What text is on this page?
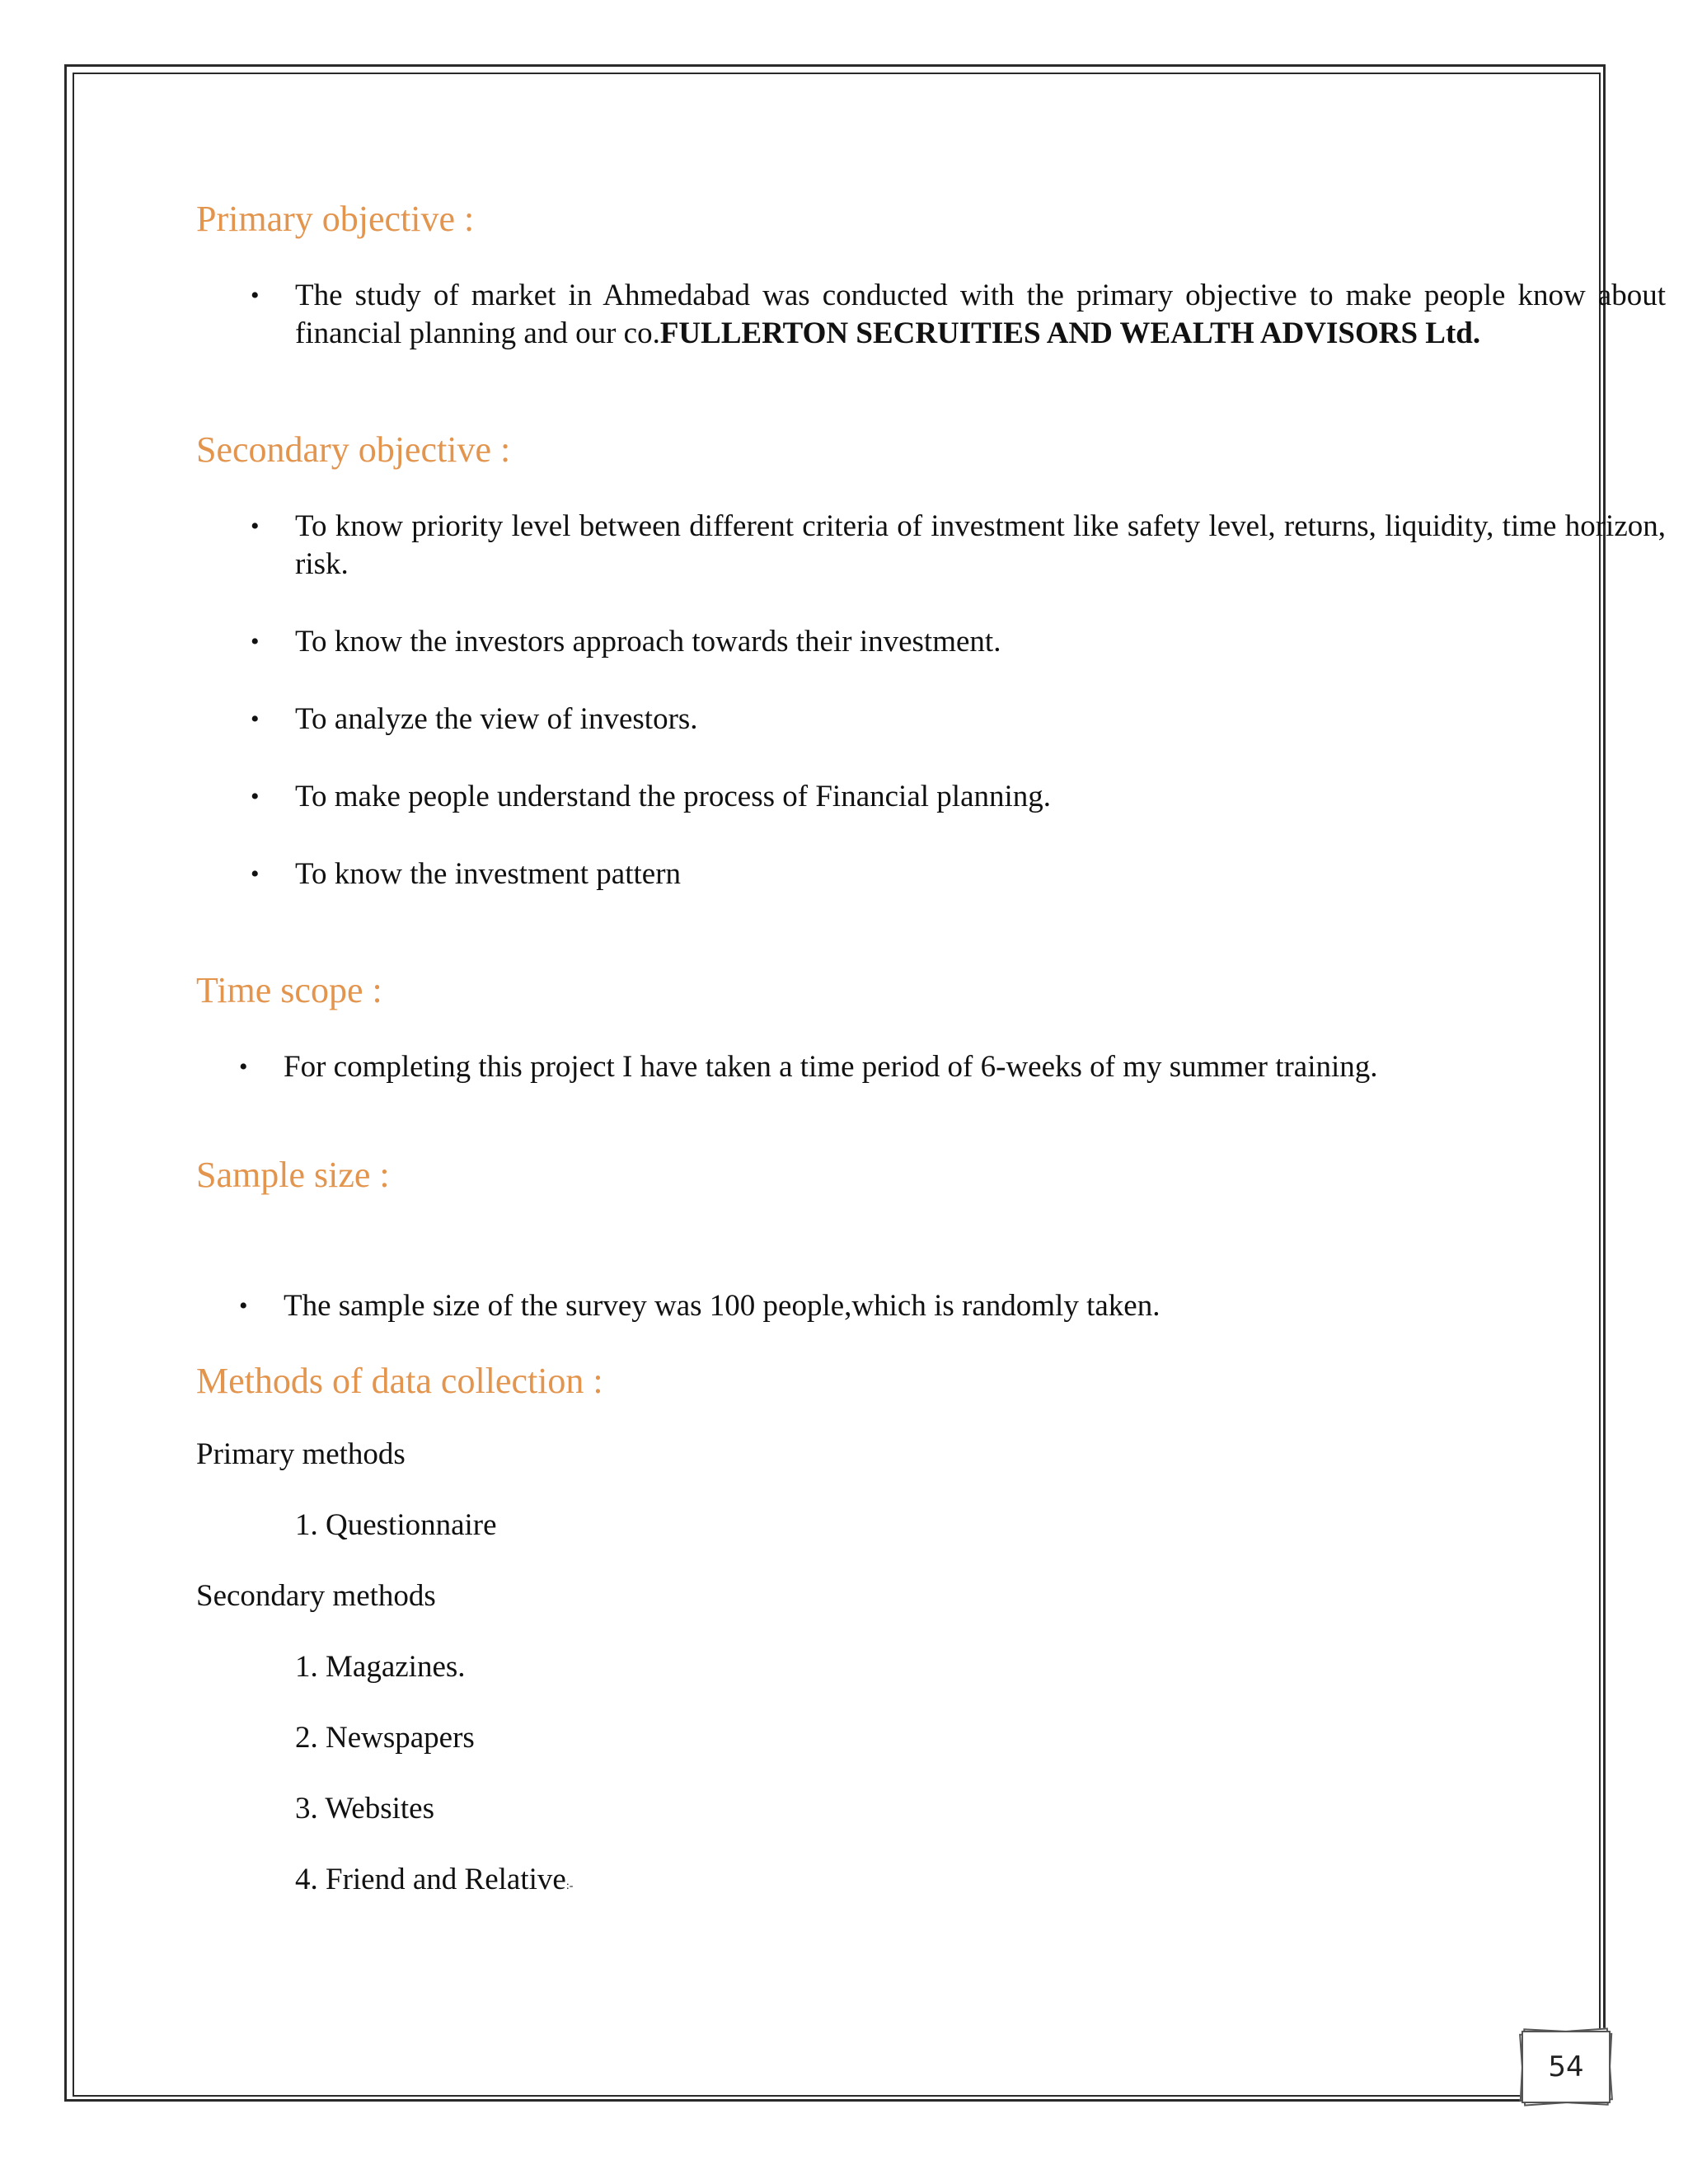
Primary objective :
• The study of market in Ahmedabad was conducted with the primary objective to make people know about financial planning and our co.FULLERTON SECRUITIES AND WEALTH ADVISORS Ltd.
Secondary objective :
• To know priority level between different criteria of investment like safety level, returns, liquidity, time horizon, risk.
• To know the investors approach towards their investment.
• To analyze the view of investors.
• To make people understand the process of Financial planning.
• To know the investment pattern
Time scope :
• For completing this project I have taken a time period of 6-weeks of my summer training.
Sample size :
• The sample size of the survey was 100 people,which is randomly taken.
Methods of data collection :
Primary methods
1. Questionnaire
Secondary methods
1. Magazines.
2. Newspapers
3. Websites
4. Friend and Relative:-
54
